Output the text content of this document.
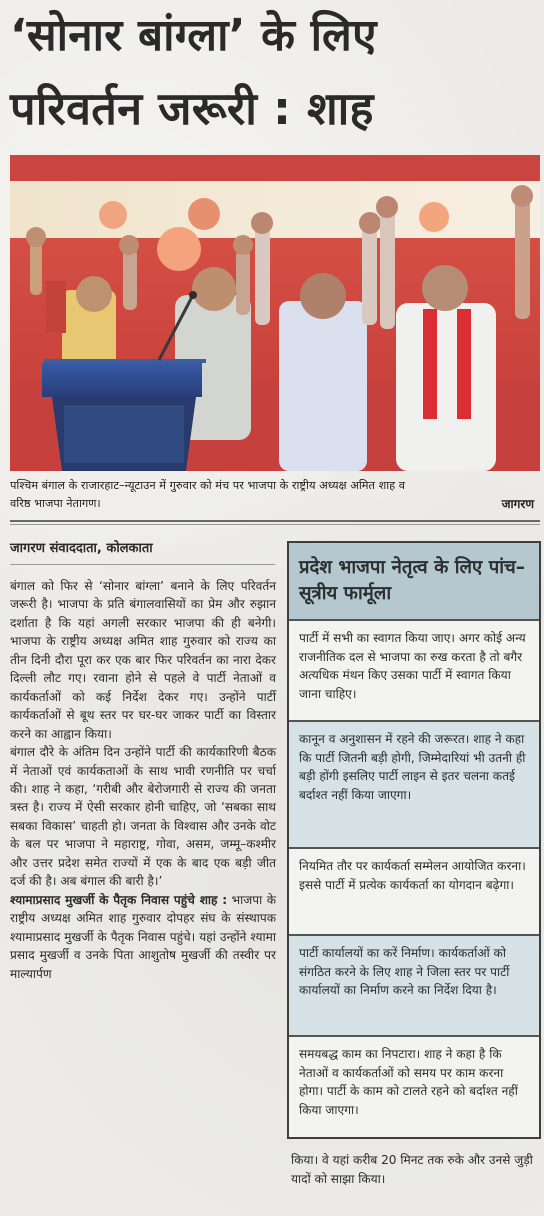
‘सोनार बांग्ला’ के लिए
परिवर्तन जरूरी : शाह
पश्चिम बंगाल के राजारहाट–न्यूटाउन में गुरुवार को मंच पर भाजपा के राष्ट्रीय अध्यक्ष अमित शाह व
वरिष्ठ भाजपा नेतागण।	जागरण
जागरण संवाददाता, कोलकाता

बंगाल को फिर से ‘सोनार बांग्ला’ बनाने के लिए परिवर्तन जरूरी है। भाजपा के प्रति बंगालवासियों का प्रेम और रुझान दर्शाता है कि यहां अगली सरकार भाजपा की ही बनेगी। भाजपा के राष्ट्रीय अध्यक्ष अमित शाह गुरुवार को राज्य का तीन दिनी दौरा पूरा कर एक बार फिर परिवर्तन का नारा देकर दिल्ली लौट गए। रवाना होने से पहले वे पार्टी नेताओं व कार्यकर्ताओं को कई निर्देश देकर गए। उन्होंने पार्टी कार्यकर्ताओं से बूथ स्तर पर घर-घर जाकर पार्टी का विस्तार करने का आह्वान किया।

बंगाल दौरे के अंतिम दिन उन्होंने पार्टी की कार्यकारिणी बैठक में नेताओं एवं कार्यकताओं के साथ भावी रणनीति पर चर्चा की। शाह ने कहा, ‘गरीबी और बेरोजगारी से राज्य की जनता त्रस्त है। राज्य में ऐसी सरकार होनी चाहिए, जो ‘सबका साथ सबका विकास’ चाहती हो। जनता के विश्वास और उनके वोट के बल पर भाजपा ने महाराष्ट्र, गोवा, असम, जम्मू–कश्मीर और उत्तर प्रदेश समेत राज्यों में एक के बाद एक बड़ी जीत दर्ज की है। अब बंगाल की बारी है।’

श्यामाप्रसाद मुखर्जी के पैतृक निवास पहुंचे शाह : भाजपा के राष्ट्रीय अध्यक्ष अमित शाह गुरुवार दोपहर संघ के संस्थापक श्यामाप्रसाद मुखर्जी के पैतृक निवास पहुंचे। यहां उन्होंने श्यामा प्रसाद मुखर्जी व उनके पिता आशुतोष मुखर्जी की तस्वीर पर माल्यार्पण

प्रदेश भाजपा नेतृत्व के लिए पांच–सूत्रीय फार्मूला
पार्टी में सभी का स्वागत किया जाए। अगर कोई अन्य राजनीतिक दल से भाजपा का रुख करता है तो बगैर अत्यधिक मंथन किए उसका पार्टी में स्वागत किया जाना चाहिए।
कानून व अनुशासन में रहने की जरूरत। शाह ने कहा कि पार्टी जितनी बड़ी होगी, जिम्मेदारियां भी उतनी ही बड़ी होंगी इसलिए पार्टी लाइन से इतर चलना कतई बर्दाश्त नहीं किया जाएगा।
नियमित तौर पर कार्यकर्ता सम्मेलन आयोजित करना। इससे पार्टी में प्रत्येक कार्यकर्ता का योगदान बढ़ेगा।
पार्टी कार्यालयों का करें निर्माण। कार्यकर्ताओं को संगठित करने के लिए शाह ने जिला स्तर पर पार्टी कार्यालयों का निर्माण करने का निर्देश दिया है।
समयबद्ध काम का निपटारा। शाह ने कहा है कि नेताओं व कार्यकर्ताओं को समय पर काम करना होगा। पार्टी के काम को टालते रहने को बर्दाश्त नहीं किया जाएगा।
किया। वे यहां करीब 20 मिनट तक रुके और उनसे जुड़ी यादों को साझा किया।
